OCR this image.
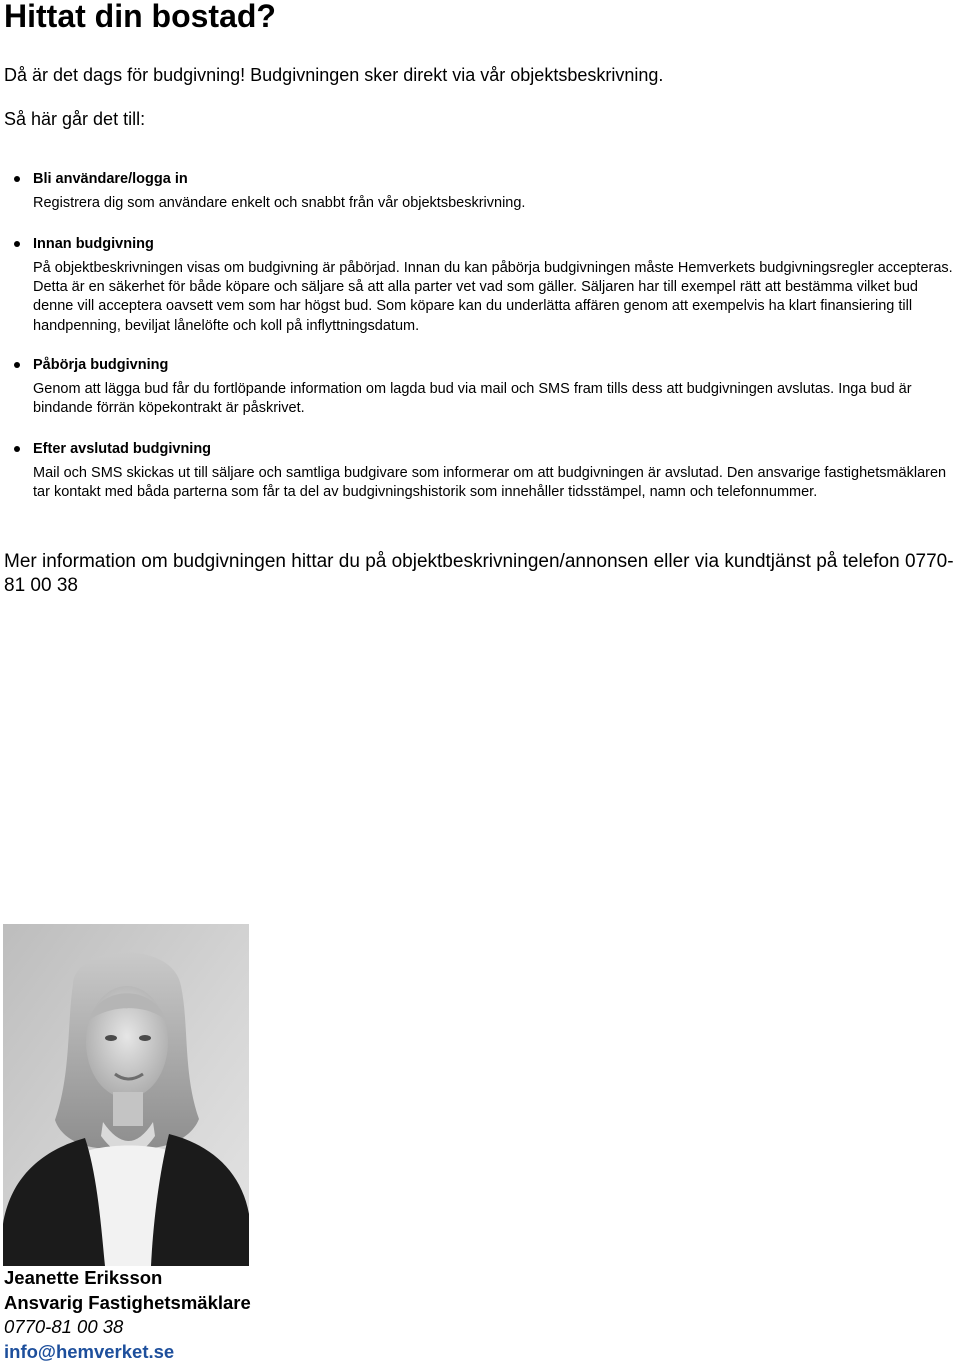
Hittat din bostad?

Då är det dags för budgivning! Budgivningen sker direkt via vår objektsbeskrivning.

Så här går det till:

Bli användare/logga in

Registrera dig som användare enkelt och snabbt från vår objektsbeskrivning.

Innan budgivning

På objektbeskrivningen visas om budgivning är påbörjad. Innan du kan påbörja budgivningen måste Hemverkets budgivningsregler accepteras. Detta är en säkerhet för både köpare och säljare så att alla parter vet vad som gäller. Säljaren har till exempel rätt att bestämma vilket bud denne vill acceptera oavsett vem som har högst bud. Som köpare kan du underlätta affären genom att exempelvis ha klart finansiering till handpenning, beviljat lånelöfte och koll på inflyttningsdatum.

Påbörja budgivning

Genom att lägga bud får du fortlöpande information om lagda bud via mail och SMS fram tills dess att budgivningen avslutas. Inga bud är bindande förrän köpekontrakt är påskrivet.

Efter avslutad budgivning

Mail och SMS skickas ut till säljare och samtliga budgivare som informerar om att budgivningen är avslutad. Den ansvarige fastighetsmäklaren tar kontakt med båda parterna som får ta del av budgivningshistorik som innehåller tidsstämpel, namn och telefonnummer.

Mer information om budgivningen hittar du på objektbeskrivningen/annonsen eller via kundtjänst på telefon 0770-81 00 38

Jeanette Eriksson
Ansvarig Fastighetsmäklare
0770-81 00 38
info@hemverket.se
